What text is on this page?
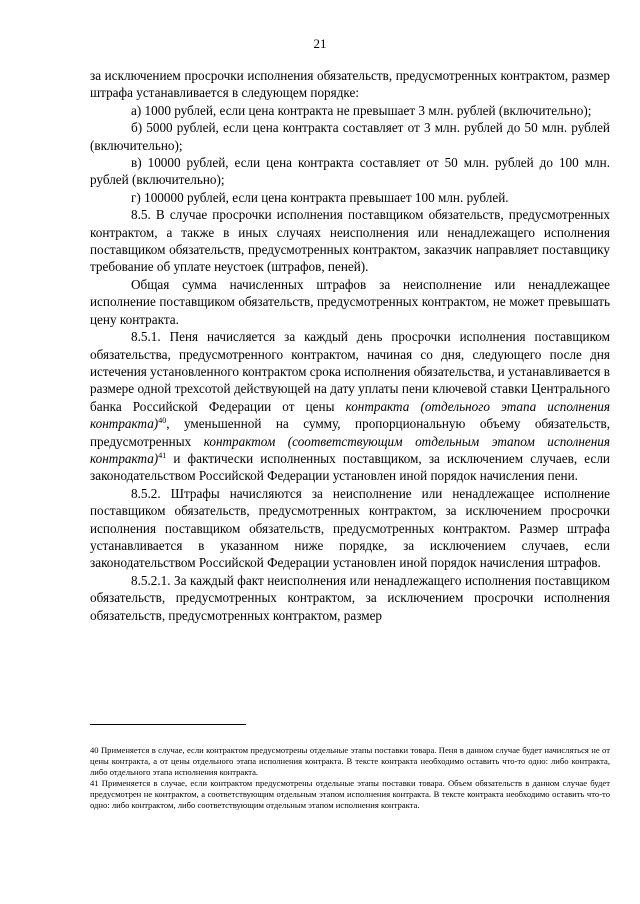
21

за исключением просрочки исполнения обязательств, предусмотренных контрактом, размер штрафа устанавливается в следующем порядке:

а) 1000 рублей, если цена контракта не превышает 3 млн. рублей (включительно);

б) 5000 рублей, если цена контракта составляет от 3 млн. рублей до 50 млн. рублей (включительно);

в) 10000 рублей, если цена контракта составляет от 50 млн. рублей до 100 млн. рублей (включительно);

г) 100000 рублей, если цена контракта превышает 100 млн. рублей.

8.5. В случае просрочки исполнения поставщиком обязательств, предусмотренных контрактом, а также в иных случаях неисполнения или ненадлежащего исполнения поставщиком обязательств, предусмотренных контрактом, заказчик направляет поставщику требование об уплате неустоек (штрафов, пеней).

Общая сумма начисленных штрафов за неисполнение или ненадлежащее исполнение поставщиком обязательств, предусмотренных контрактом, не может превышать цену контракта.

8.5.1. Пеня начисляется за каждый день просрочки исполнения поставщиком обязательства, предусмотренного контрактом, начиная со дня, следующего после дня истечения установленного контрактом срока исполнения обязательства, и устанавливается в размере одной трехсотой действующей на дату уплаты пени ключевой ставки Центрального банка Российской Федерации от цены контракта (отдельного этапа исполнения контракта)$^{40}$, уменьшенной на сумму, пропорциональную объему обязательств, предусмотренных контрактом (соответствующим отдельным этапом исполнения контракта)$^{41}$ и фактически исполненных поставщиком, за исключением случаев, если законодательством Российской Федерации установлен иной порядок начисления пени.

8.5.2. Штрафы начисляются за неисполнение или ненадлежащее исполнение поставщиком обязательств, предусмотренных контрактом, за исключением просрочки исполнения поставщиком обязательств, предусмотренных контрактом. Размер штрафа устанавливается в указанном ниже порядке, за исключением случаев, если законодательством Российской Федерации установлен иной порядок начисления штрафов.

8.5.2.1. За каждый факт неисполнения или ненадлежащего исполнения поставщиком обязательств, предусмотренных контрактом, за исключением просрочки исполнения обязательств, предусмотренных контрактом, размер

40 Применяется в случае, если контрактом предусмотрены отдельные этапы поставки товара. Пеня в данном случае будет начисляться не от цены контракта, а от цены отдельного этапа исполнения контракта. В тексте контракта необходимо оставить что-то одно: либо контракта, либо отдельного этапа исполнения контракта.

41 Применяется в случае, если контрактом предусмотрены отдельные этапы поставки товара. Объем обязательств в данном случае будет предусмотрен не контрактом, а соответствующим отдельным этапом исполнения контракта. В тексте контракта необходимо оставить что-то одно: либо контрактом, либо соответствующим отдельным этапом исполнения контракта.
